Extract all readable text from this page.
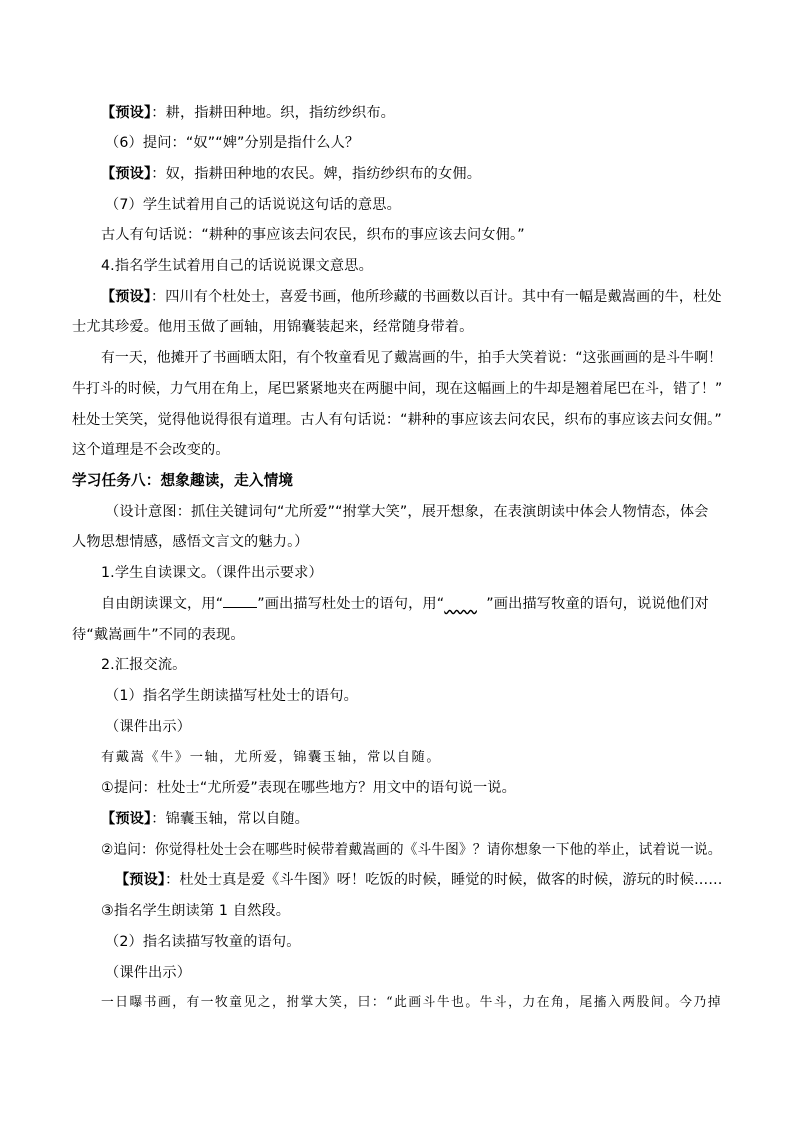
【预设】：耕，指耕田种地。织，指纺纱织布。
（6）提问：“奴”“婢”分别是指什么人？
【预设】：奴，指耕田种地的农民。婢，指纺纱织布的女佣。
（7）学生试着用自己的话说说这句话的意思。
古人有句话说：“耕种的事应该去问农民，织布的事应该去问女佣。”
4.指名学生试着用自己的话说说课文意思。
【预设】：四川有个杜处士，喜爱书画，他所珍藏的书画数以百计。其中有一幅是戴嵩画的牛，杜处
士尤其珍爱。他用玉做了画轴，用锦囊装起来，经常随身带着。
有一天，他摊开了书画晒太阳，有个牧童看见了戴嵩画的牛，拍手大笑着说：“这张画画的是斗牛啊！
牛打斗的时候，力气用在角上，尾巴紧紧地夹在两腿中间，现在这幅画上的牛却是翘着尾巴在斗，错了！”
杜处士笑笑，觉得他说得很有道理。古人有句话说：“耕种的事应该去问农民，织布的事应该去问女佣。”
这个道理是不会改变的。
学习任务八：想象趣读，走入情境
（设计意图：抓住关键词句“尤所爱”“拊掌大笑”，展开想象，在表演朗读中体会人物情态，体会
人物思想情感，感悟文言文的魅力。）
1.学生自读课文。（课件出示要求）
自由朗读课文，用“ ”画出描写杜处士的语句，用“	”画出描写牧童的语句，说说他们对
待“戴嵩画牛”不同的表现。
2.汇报交流。
（1）指名学生朗读描写杜处士的语句。
（课件出示）
有戴嵩《牛》一轴，尤所爱，锦囊玉轴，常以自随。
①提问：杜处士“尤所爱”表现在哪些地方？用文中的语句说一说。
【预设】：锦囊玉轴，常以自随。
②追问：你觉得杜处士会在哪些时候带着戴嵩画的《斗牛图》？请你想象一下他的举止，试着说一说。
【预设】：杜处士真是爱《斗牛图》呀！吃饭的时候，睡觉的时候，做客的时候，游玩的时候……
③指名学生朗读第 1 自然段。
（2）指名读描写牧童的语句。
（课件出示）
一日曝书画，有一牧童见之，拊掌大笑，曰：“此画斗牛也。牛斗，力在角，尾搐入两股间。今乃掉
